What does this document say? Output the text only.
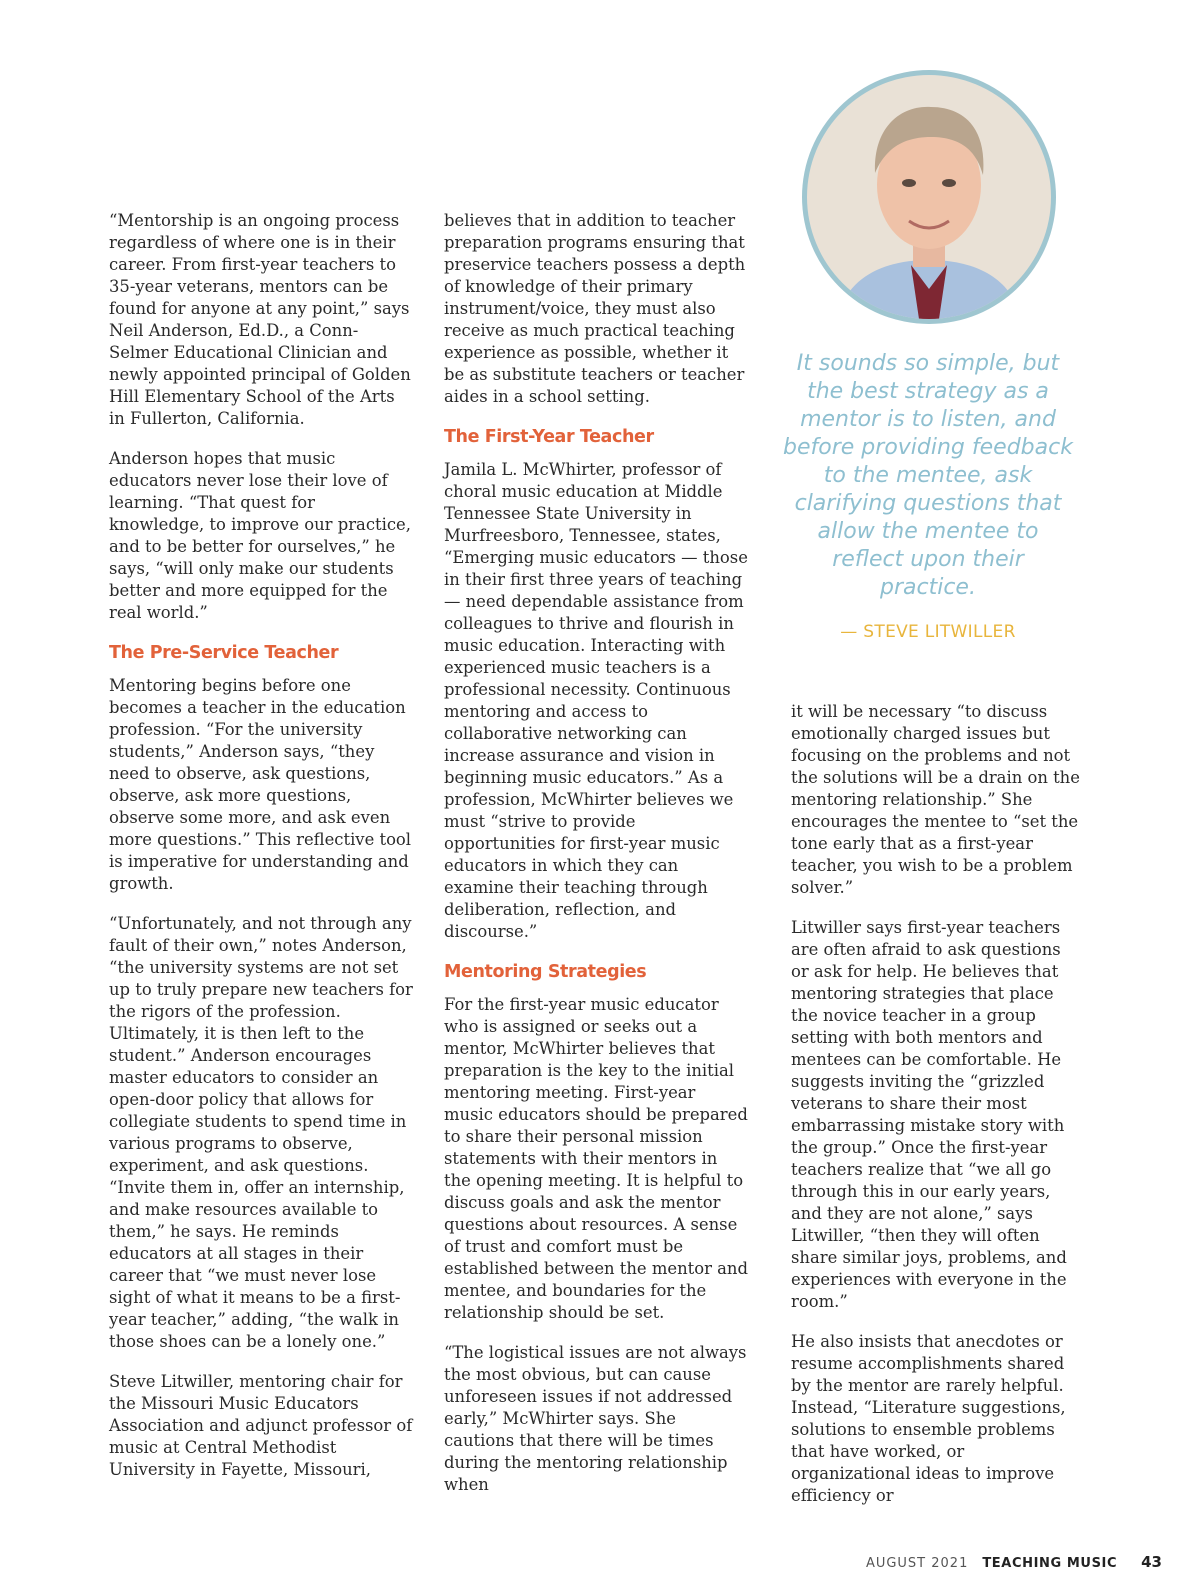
“Mentorship is an ongoing process regardless of where one is in their career. From first-year teachers to 35-year veterans, mentors can be found for anyone at any point,” says Neil Anderson, Ed.D., a Conn-Selmer Educational Clinician and newly appointed principal of Golden Hill Elementary School of the Arts in Fullerton, California.

Anderson hopes that music educators never lose their love of learning. “That quest for knowledge, to improve our practice, and to be better for ourselves,” he says, “will only make our students better and more equipped for the real world.”

The Pre-Service Teacher

Mentoring begins before one becomes a teacher in the education profession. “For the university students,” Anderson says, “they need to observe, ask questions, observe, ask more questions, observe some more, and ask even more questions.” This reflective tool is imperative for understanding and growth.

“Unfortunately, and not through any fault of their own,” notes Anderson, “the university systems are not set up to truly prepare new teachers for the rigors of the profession. Ultimately, it is then left to the student.” Anderson encourages master educators to consider an open-door policy that allows for collegiate students to spend time in various programs to observe, experiment, and ask questions. “Invite them in, offer an internship, and make resources available to them,” he says. He reminds educators at all stages in their career that “we must never lose sight of what it means to be a first-year teacher,” adding, “the walk in those shoes can be a lonely one.”

Steve Litwiller, mentoring chair for the Missouri Music Educators Association and adjunct professor of music at Central Methodist University in Fayette, Missouri,

believes that in addition to teacher preparation programs ensuring that preservice teachers possess a depth of knowledge of their primary instrument/voice, they must also receive as much practical teaching experience as possible, whether it be as substitute teachers or teacher aides in a school setting.

The First-Year Teacher

Jamila L. McWhirter, professor of choral music education at Middle Tennessee State University in Murfreesboro, Tennessee, states, “Emerging music educators — those in their first three years of teaching — need dependable assistance from colleagues to thrive and flourish in music education. Interacting with experienced music teachers is a professional necessity. Continuous mentoring and access to collaborative networking can increase assurance and vision in beginning music educators.” As a profession, McWhirter believes we must “strive to provide opportunities for first-year music educators in which they can examine their teaching through deliberation, reflection, and discourse.”

Mentoring Strategies

For the first-year music educator who is assigned or seeks out a mentor, McWhirter believes that preparation is the key to the initial mentoring meeting. First-year music educators should be prepared to share their personal mission statements with their mentors in the opening meeting. It is helpful to discuss goals and ask the mentor questions about resources. A sense of trust and comfort must be established between the mentor and mentee, and boundaries for the relationship should be set.

“The logistical issues are not always the most obvious, but can cause unforeseen issues if not addressed early,” McWhirter says. She cautions that there will be times during the mentoring relationship when

It sounds so simple, but the best strategy as a mentor is to listen, and before providing feedback to the mentee, ask clarifying questions that allow the mentee to reflect upon their practice.
— STEVE LITWILLER

it will be necessary “to discuss emotionally charged issues but focusing on the problems and not the solutions will be a drain on the mentoring relationship.” She encourages the mentee to “set the tone early that as a first-year teacher, you wish to be a problem solver.”

Litwiller says first-year teachers are often afraid to ask questions or ask for help. He believes that mentoring strategies that place the novice teacher in a group setting with both mentors and mentees can be comfortable. He suggests inviting the “grizzled veterans to share their most embarrassing mistake story with the group.” Once the first-year teachers realize that “we all go through this in our early years, and they are not alone,” says Litwiller, “then they will often share similar joys, problems, and experiences with everyone in the room.”

He also insists that anecdotes or resume accomplishments shared by the mentor are rarely helpful. Instead, “Literature suggestions, solutions to ensemble problems that have worked, or organizational ideas to improve efficiency or

AUGUST 2021 TEACHING MUSIC 43
